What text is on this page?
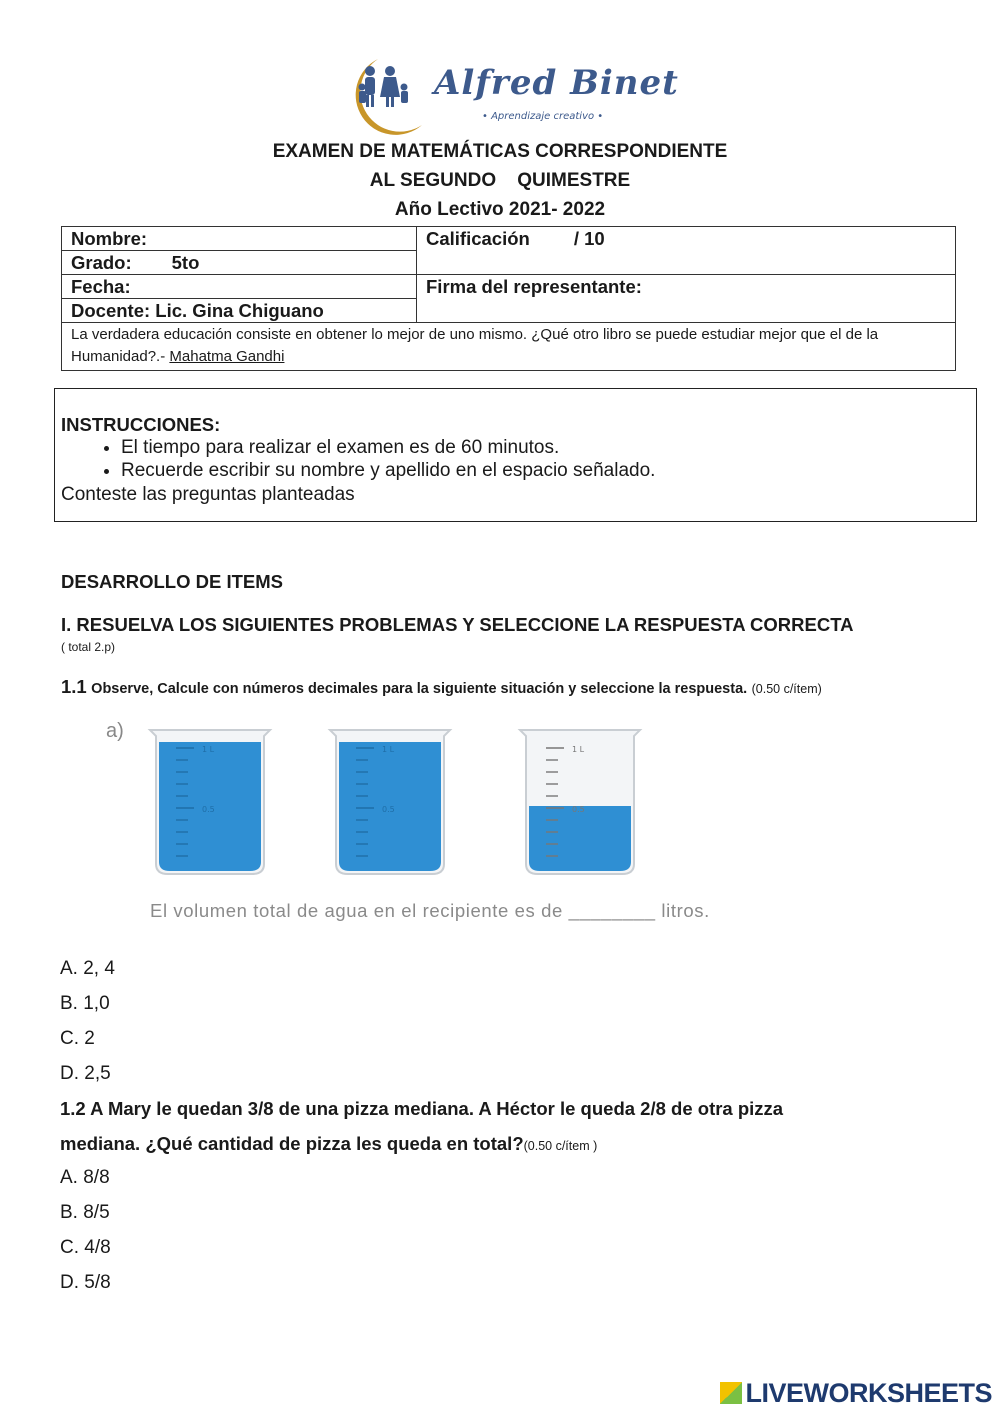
Alfred Binet
• Aprendizaje creativo •
EXAMEN DE MATEMÁTICAS CORRESPONDIENTE
AL SEGUNDO    QUIMESTRE
Año Lectivo 2021- 2022
Nombre:	Calificación / 10
Grado: 5to	
Fecha:	Firma del representante:
Docente: Lic. Gina Chiguano	
La verdadera educación consiste en obtener lo mejor de uno mismo. ¿Qué otro libro se puede estudiar mejor que el de la Humanidad?.- Mahatma Gandhi	
INSTRUCCIONES:
• El tiempo para realizar el examen es de 60 minutos.
• Recuerde escribir su nombre y apellido en el espacio señalado.
Conteste las preguntas planteadas
DESARROLLO DE ITEMS
I. RESUELVA LOS SIGUIENTES PROBLEMAS Y SELECCIONE LA RESPUESTA CORRECTA
( total 2.p)
1.1 Observe, Calcule con números decimales para la siguiente situación y seleccione la respuesta. (0.50 c/ítem)
a)
1 L
0.5
1 L
0.5
1 L
0.5
El volumen total de agua en el recipiente es de ________ litros.
A. 2, 4
B. 1,0
C. 2
D. 2,5
1.2 A Mary le quedan 3/8 de una pizza mediana. A Héctor le queda 2/8 de otra pizza
mediana. ¿Qué cantidad de pizza les queda en total?(0.50 c/ítem )
A. 8/8
B. 8/5
C. 4/8
D. 5/8
LIVEWORKSHEETS
